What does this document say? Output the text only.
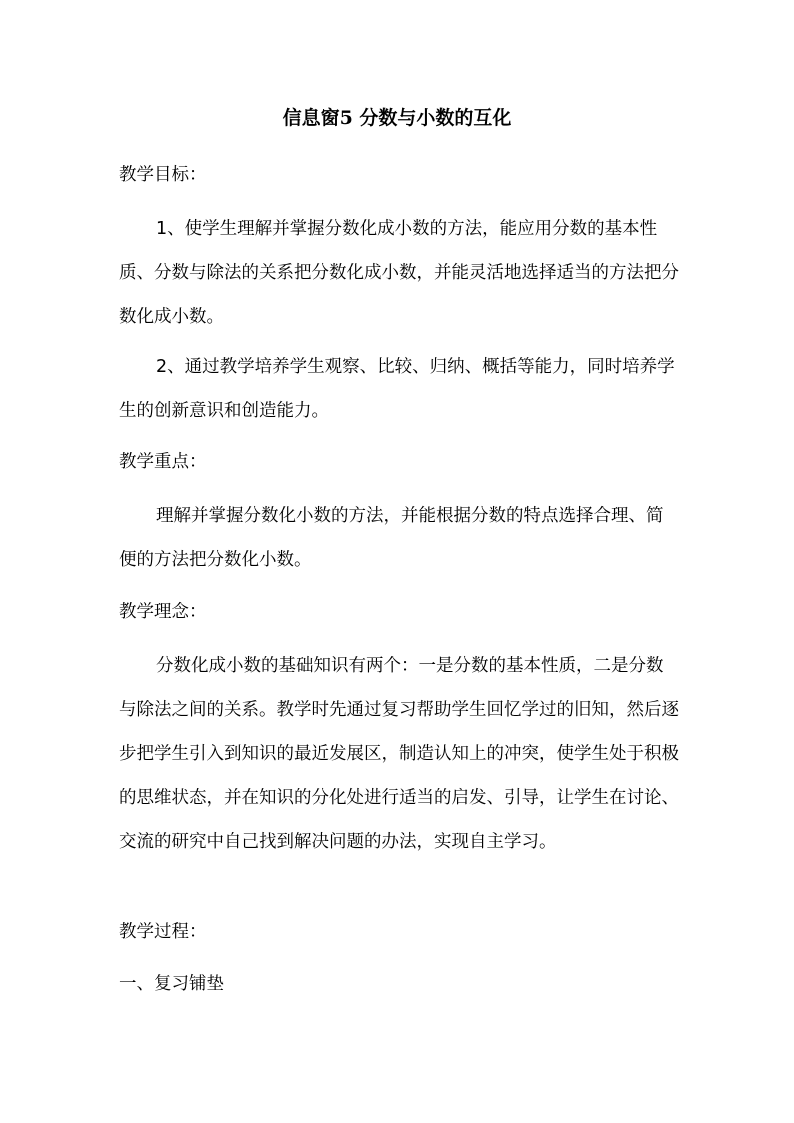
信息窗5 分数与小数的互化

教学目标：

1、使学生理解并掌握分数化成小数的方法，能应用分数的基本性质、分数与除法的关系把分数化成小数，并能灵活地选择适当的方法把分数化成小数。

2、通过教学培养学生观察、比较、归纳、概括等能力，同时培养学生的创新意识和创造能力。

教学重点：

理解并掌握分数化小数的方法，并能根据分数的特点选择合理、简便的方法把分数化小数。

教学理念：

分数化成小数的基础知识有两个：一是分数的基本性质，二是分数与除法之间的关系。教学时先通过复习帮助学生回忆学过的旧知，然后逐步把学生引入到知识的最近发展区，制造认知上的冲突，使学生处于积极的思维状态，并在知识的分化处进行适当的启发、引导，让学生在讨论、交流的研究中自己找到解决问题的办法，实现自主学习。

教学过程：

一、复习铺垫
